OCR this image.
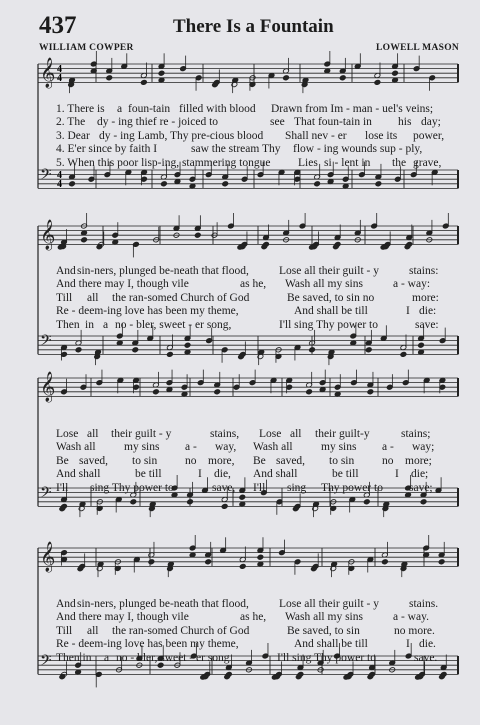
437	There Is a Fountain
WILLIAM COWPER	LOWELL MASON
𝄞 4
4
𝄢 4
4
1. There is a foun-tain filled with blood Drawn from Im - man - uel's veins;
2. The dy - ing thief re - joiced to	see That foun-tain in his day;
3. Dear dy - ing Lamb, Thy pre-cious blood Shall nev - er lose its power,
4. E'er since by faith I	saw the stream Thy flow - ing wounds sup - ply,
5. When this poor lisp-ing, stammering tongue Lies si - lent in the grave,
𝄞
𝄢
And sin-ners, plunged be-neath that flood,	Lose all their guilt - y	stains:
And there may I, though vile	as he, Wash all my sins	a - way:
Till all the ran-somed Church of God	Be saved, to sin no	more:
Re - deem-ing love has been my theme,	And shall be till	I die:
Then in a no - bler, sweet - er song,	I'll sing Thy power to	save:
𝄞
𝄢
Lose all their guilt - y	stains, Lose all their guilt-y	stains;
Wash all my sins a - way, Wash all my sins a - way;
Be saved, to sin no more, Be saved, to sin no more;
And shall	be till	I die, And shall	be till	I die;
I'll sing Thy power to	save, I'll sing Thy power to save;
𝄞
𝄢
And sin-ners, plunged be-neath that flood,	Lose all their guilt - y	stains.
And there may I, though vile	as he, Wash all my sins	a - way.
Till all the ran-somed Church of God	Be saved, to sin	no more.
Re - deem-ing love has been my theme,	And shall be till	I die.
Then in a no - bler, sweet - er song	I'll sing Thy power to	save.
